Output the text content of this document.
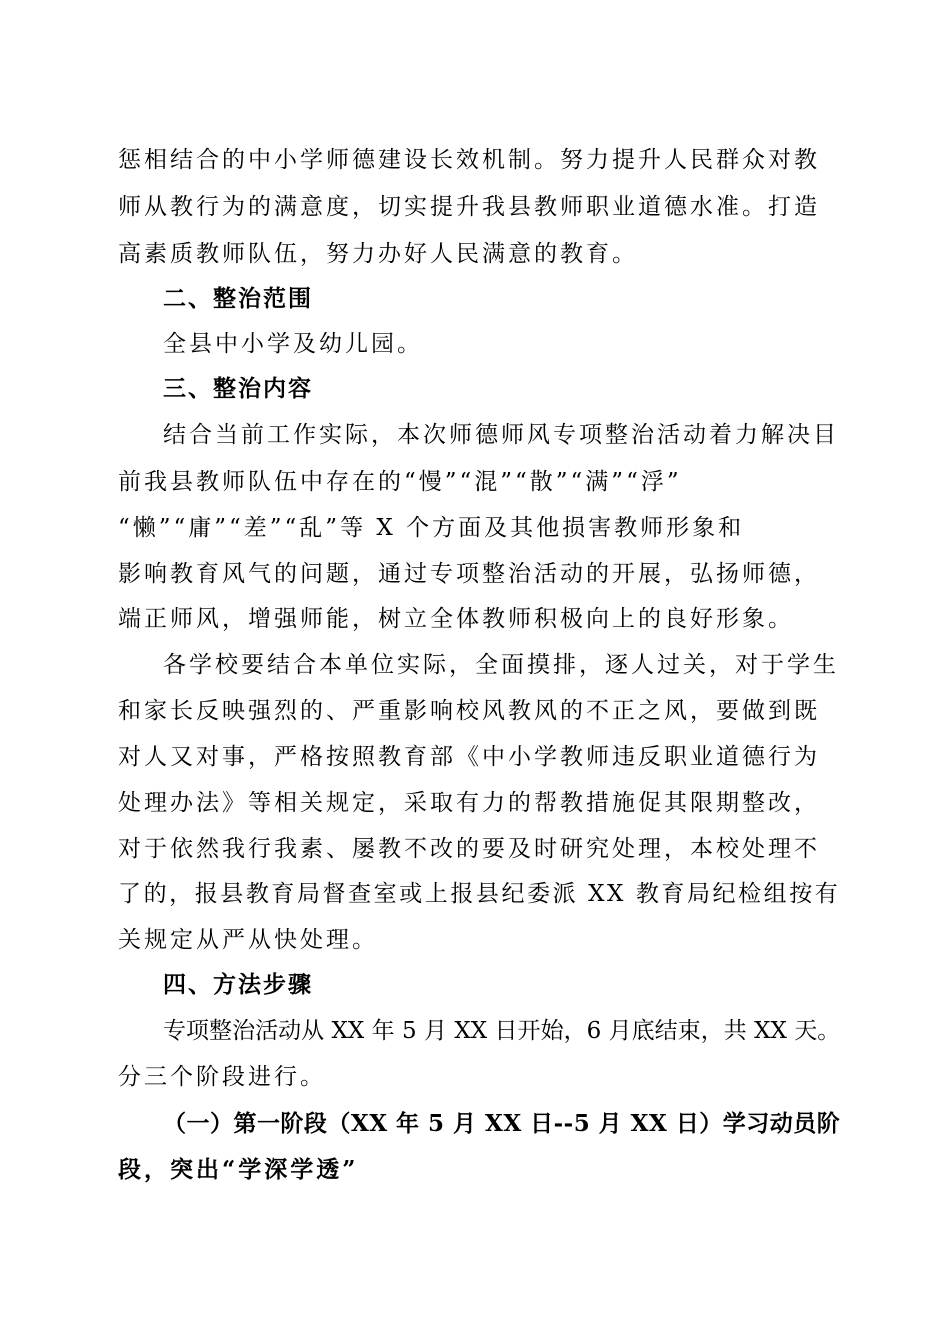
惩相结合的中小学师德建设长效机制。努力提升人民群众对教
师从教行为的满意度，切实提升我县教师职业道德水准。打造
高素质教师队伍，努力办好人民满意的教育。
二、整治范围
全县中小学及幼儿园。
三、整治内容
结合当前工作实际，本次师德师风专项整治活动着力解决目
前我县教师队伍中存在的“慢”“混”“散”“满”“浮”
“懒”“庸”“差”“乱”等 X 个方面及其他损害教师形象和
影响教育风气的问题，通过专项整治活动的开展，弘扬师德，
端正师风，增强师能，树立全体教师积极向上的良好形象。
各学校要结合本单位实际，全面摸排，逐人过关，对于学生
和家长反映强烈的、严重影响校风教风的不正之风，要做到既
对人又对事，严格按照教育部《中小学教师违反职业道德行为
处理办法》等相关规定，采取有力的帮教措施促其限期整改，
对于依然我行我素、屡教不改的要及时研究处理，本校处理不
了的，报县教育局督查室或上报县纪委派 XX 教育局纪检组按有
关规定从严从快处理。
四、方法步骤
专项整治活动从 XX 年 5 月 XX 日开始，6 月底结束，共 XX 天。
分三个阶段进行。
（一）第一阶段（XX 年 5 月 XX 日--5 月 XX 日）学习动员阶
段，突出“学深学透”
